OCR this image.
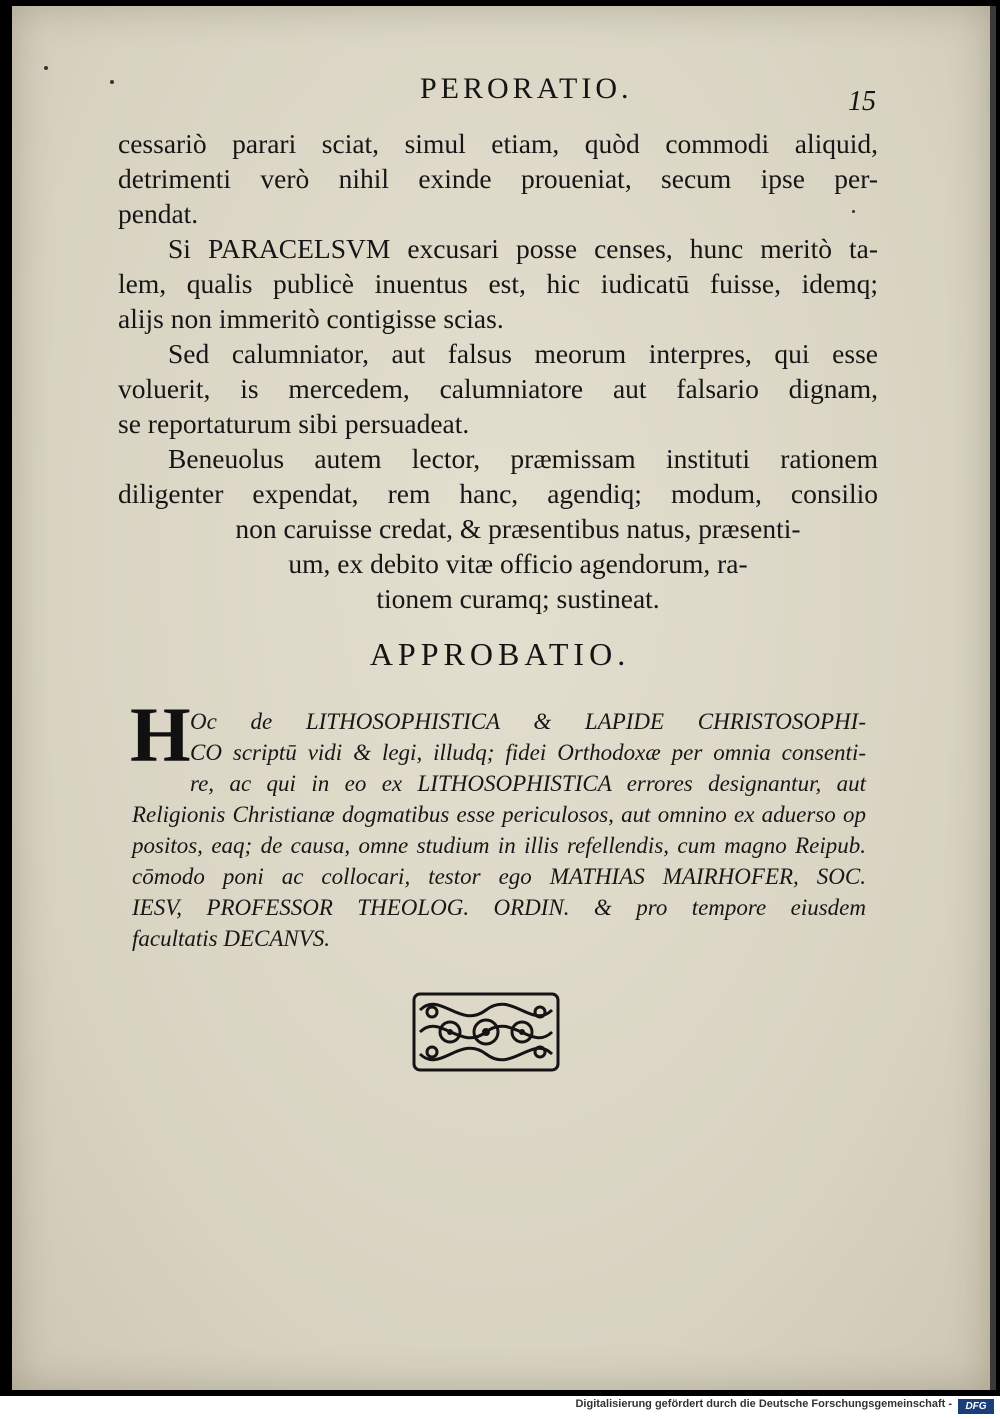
PERORATIO.	15
cessariò parari sciat, simul etiam, quòd commodi aliquid,
detrimenti verò nihil exinde proueniat, secum ipse per-
pendat.
Si PARACELSVM excusari posse censes, hunc meritò ta-
lem, qualis publicè inuentus est, hic iudicatū fuisse, idemq;
alijs non immeritò contigisse scias.
Sed calumniator, aut falsus meorum interpres, qui esse
voluerit, is mercedem, calumniatore aut falsario dignam,
se reportaturum sibi persuadeat.
Beneuolus autem lector, præmissam instituti rationem
diligenter expendat, rem hanc, agendiq; modum, consilio
non caruisse credat, & præsentibus natus, præsenti-
um, ex debito vitæ officio agendorum, ra-
tionem curamq; sustineat.
APPROBATIO.
H Oc de LITHOSOPHISTICA & LAPIDE CHRISTOSOPHI-
CO scriptū vidi & legi, illudq; fidei Orthodoxæ per omnia consenti-
re, ac qui in eo ex LITHOSOPHISTICA errores designantur, aut
Religionis Christianæ dogmatibus esse periculosos, aut omnino ex aduerso op
positos, eaq; de causa, omne studium in illis refellendis, cum magno Reipub.
cōmodo poni ac collocari, testor ego MATHIAS MAIRHOFER, SOC.
IESV, PROFESSOR THEOLOG. ORDIN. & pro tempore eiusdem
facultatis DECANVS.
Digitalisierung gefördert durch die Deutsche Forschungsgemeinschaft -	DFG
